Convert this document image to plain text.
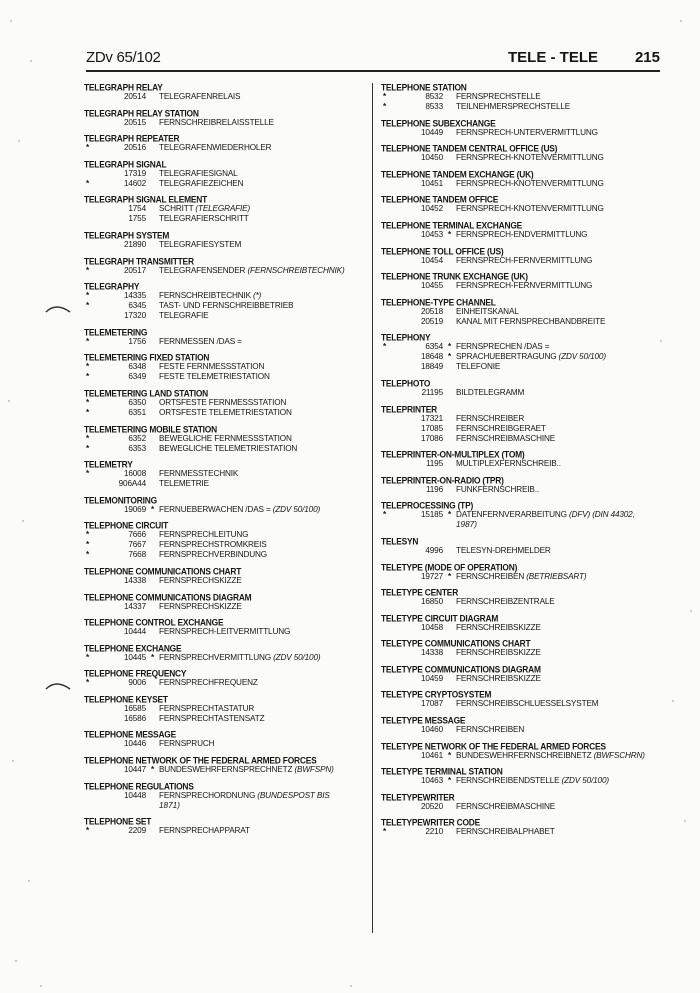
ZDv 65/102	TELE - TELE 215
TELEGRAPH RELAY
20514 TELEGRAFENRELAIS
TELEGRAPH RELAY STATION
20515 FERNSCHREIBRELAISSTELLE
TELEGRAPH REPEATER
*	20516 TELEGRAFENWIEDERHOLER
TELEGRAPH SIGNAL
17319 TELEGRAFIESIGNAL
*	14602 TELEGRAFIEZEICHEN
TELEGRAPH SIGNAL ELEMENT
1754 SCHRITT (TELEGRAFIE)
1755 TELEGRAFIERSCHRITT
TELEGRAPH SYSTEM
21890 TELEGRAFIESYSTEM
TELEGRAPH TRANSMITTER
*	20517 TELEGRAFENSENDER (FERNSCHREIBTECHNIK)
TELEGRAPHY
*	14335 FERNSCHREIBTECHNIK (*)
*	6345 TAST- UND FERNSCHREIBBETRIEB
17320 TELEGRAFIE
TELEMETERING
*	1756 FERNMESSEN /DAS =
TELEMETERING FIXED STATION
*	6348 FESTE FERNMESSSTATION
*	6349 FESTE TELEMETRIESTATION
TELEMETERING LAND STATION
*	6350 ORTSFESTE FERNMESSSTATION
*	6351 ORTSFESTE TELEMETRIESTATION
TELEMETERING MOBILE STATION
*	6352 BEWEGLICHE FERNMESSSTATION
*	6353 BEWEGLICHE TELEMETRIESTATION
TELEMETRY
*	16008 FERNMESSTECHNIK
906A44 TELEMETRIE
TELEMONITORING
19069 * FERNUEBERWACHEN /DAS = (ZDV 50/100)
TELEPHONE CIRCUIT
*	7666 FERNSPRECHLEITUNG
*	7667 FERNSPRECHSTROMKREIS
*	7668 FERNSPRECHVERBINDUNG
TELEPHONE COMMUNICATIONS CHART
14338 FERNSPRECHSKIZZE
TELEPHONE COMMUNICATIONS DIAGRAM
14337 FERNSPRECHSKIZZE
TELEPHONE CONTROL EXCHANGE
10444 FERNSPRECH-LEITVERMITTLUNG
TELEPHONE EXCHANGE
*	10445 * FERNSPRECHVERMITTLUNG (ZDV 50/100)
TELEPHONE FREQUENCY
*	9006 FERNSPRECHFREQUENZ
TELEPHONE KEYSET
16585 FERNSPRECHTASTATUR
16586 FERNSPRECHTASTENSATZ
TELEPHONE MESSAGE
10446 FERNSPRUCH
TELEPHONE NETWORK OF THE FEDERAL ARMED FORCES
10447 * BUNDESWEHRFERNSPRECHNETZ (BWFSPN)
TELEPHONE REGULATIONS
10448 FERNSPRECHORDNUNG (BUNDESPOST BIS
1871)
TELEPHONE SET
*	2209 FERNSPRECHAPPARAT
TELEPHONE STATION
*	8532 FERNSPRECHSTELLE
*	8533 TEILNEHMERSPRECHSTELLE
TELEPHONE SUBEXCHANGE
10449 FERNSPRECH-UNTERVERMITTLUNG
TELEPHONE TANDEM CENTRAL OFFICE (US)
10450 FERNSPRECH-KNOTENVERMITTLUNG
TELEPHONE TANDEM EXCHANGE (UK)
10451 FERNSPRECH-KNOTENVERMITTLUNG
TELEPHONE TANDEM OFFICE
10452 FERNSPRECH-KNOTENVERMITTLUNG
TELEPHONE TERMINAL EXCHANGE
10453 * FERNSPRECH-ENDVERMITTLUNG
TELEPHONE TOLL OFFICE (US)
10454 FERNSPRECH-FERNVERMITTLUNG
TELEPHONE TRUNK EXCHANGE (UK)
10455 FERNSPRECH-FERNVERMITTLUNG
TELEPHONE-TYPE CHANNEL
20518 EINHEITSKANAL
20519 KANAL MIT FERNSPRECHBANDBREITE
TELEPHONY
*	6354 * FERNSPRECHEN /DAS =
18648 * SPRACHUEBERTRAGUNG (ZDV 50/100)
18849 TELEFONIE
TELEPHOTO
21195 BILDTELEGRAMM
TELEPRINTER
17321 FERNSCHREIBER
17085 FERNSCHREIBGERAET
17086 FERNSCHREIBMASCHINE
TELEPRINTER-ON-MULTIPLEX (TOM)
1195 MULTIPLEXFERNSCHREIB..
TELEPRINTER-ON-RADIO (TPR)
1196 FUNKFERNSCHREIB..
TELEPROCESSING (TP)
*	15185 * DATENFERNVERARBEITUNG (DFV) (DIN 44302,
1987)
TELESYN
4996 TELESYN-DREHMELDER
TELETYPE (MODE OF OPERATION)
19727 * FERNSCHREIBEN (BETRIEBSART)
TELETYPE CENTER
16850 FERNSCHREIBZENTRALE
TELETYPE CIRCUIT DIAGRAM
10458 FERNSCHREIBSKIZZE
TELETYPE COMMUNICATIONS CHART
14338 FERNSCHREIBSKIZZE
TELETYPE COMMUNICATIONS DIAGRAM
10459 FERNSCHREIBSKIZZE
TELETYPE CRYPTOSYSTEM
17087 FERNSCHREIBSCHLUESSELSYSTEM
TELETYPE MESSAGE
10460 FERNSCHREIBEN
TELETYPE NETWORK OF THE FEDERAL ARMED FORCES
10461 * BUNDESWEHRFERNSCHREIBNETZ (BWFSCHRN)
TELETYPE TERMINAL STATION
10463 * FERNSCHREIBENDSTELLE (ZDV 50/100)
TELETYPEWRITER
20520 FERNSCHREIBMASCHINE
TELETYPEWRITER CODE
*	2210 FERNSCHREIBALPHABET
